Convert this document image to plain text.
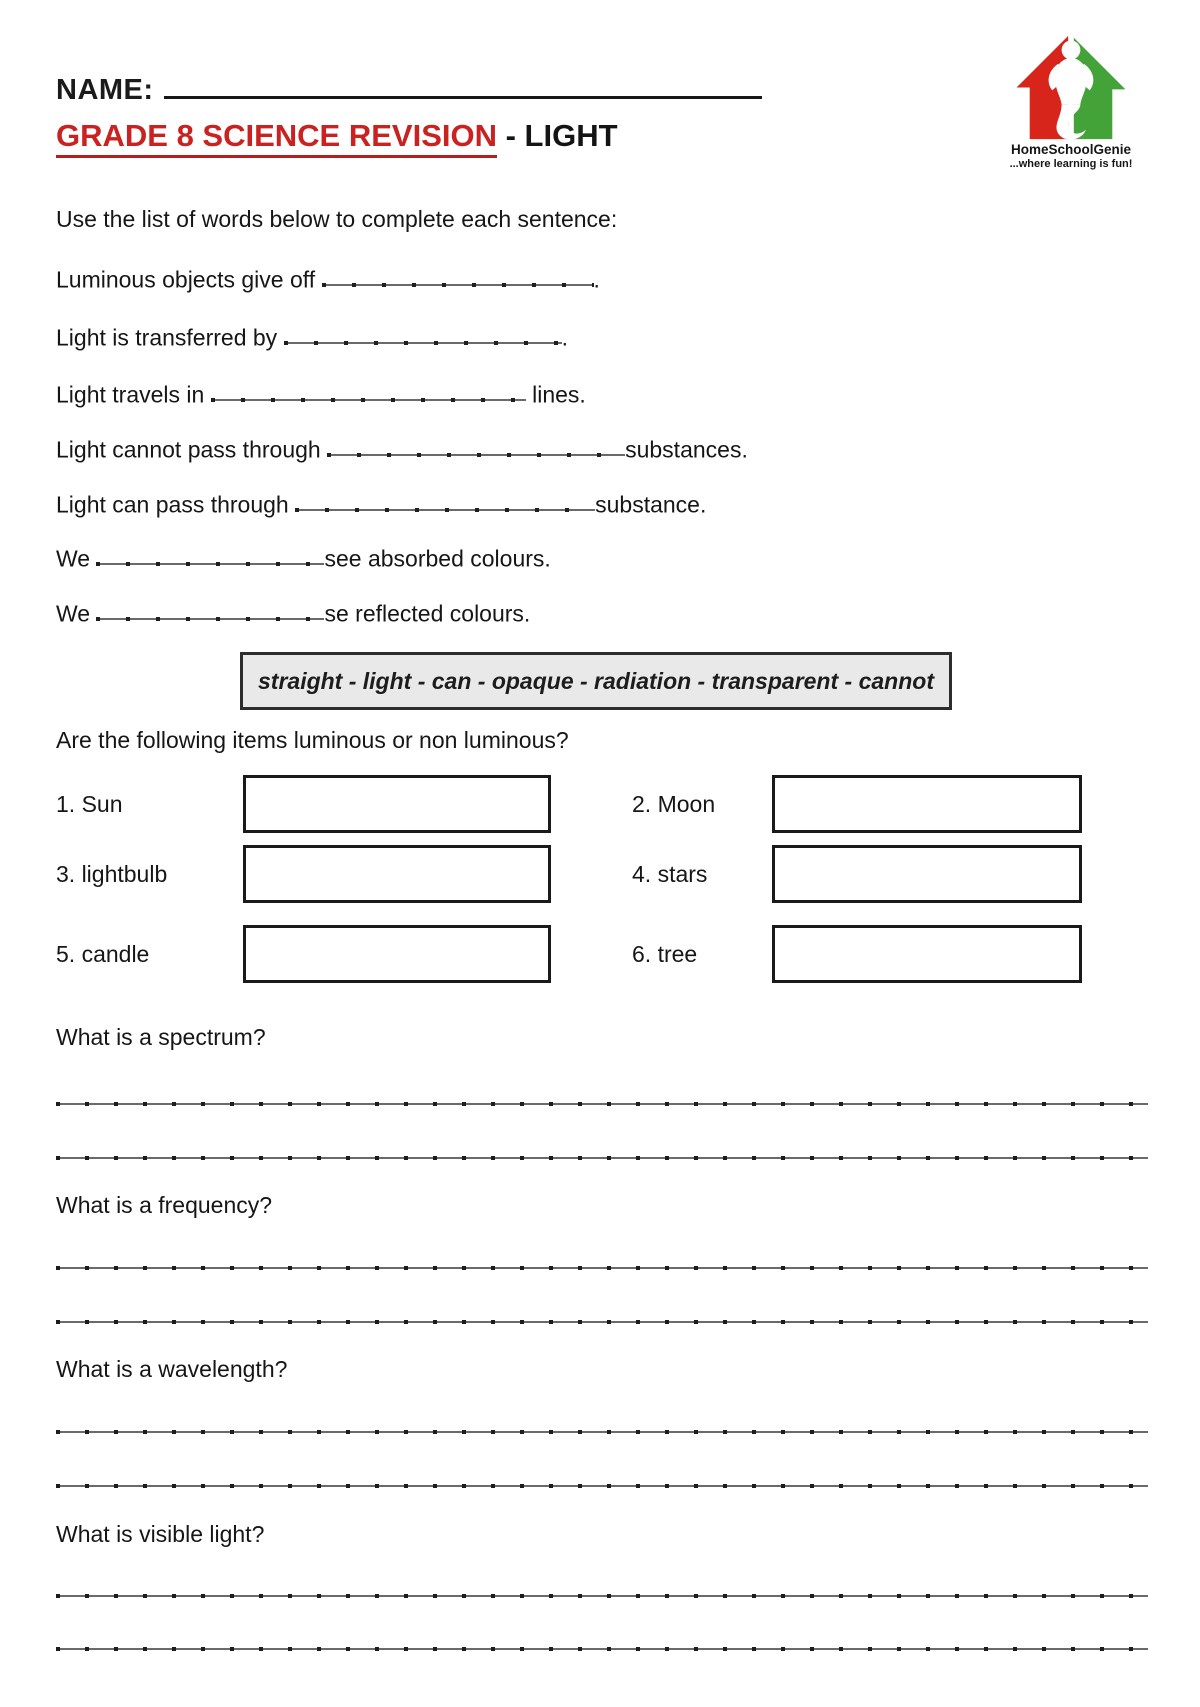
NAME:
GRADE 8 SCIENCE REVISION - LIGHT	HomeSchoolGenie
...where learning is fun!
Use the list of words below to complete each sentence:
Luminous objects give off	.
Light is transferred by	.
Light travels in	lines.
Light cannot pass through	substances.
Light can pass through	substance.
We	see absorbed colours.
We	se reflected colours.
straight - light - can - opaque - radiation - transparent - cannot
Are the following items luminous or non luminous?
1. Sun	2. Moon
3. lightbulb	4. stars
5. candle	6. tree
What is a spectrum?
What is a frequency?
What is a wavelength?
What is visible light?
